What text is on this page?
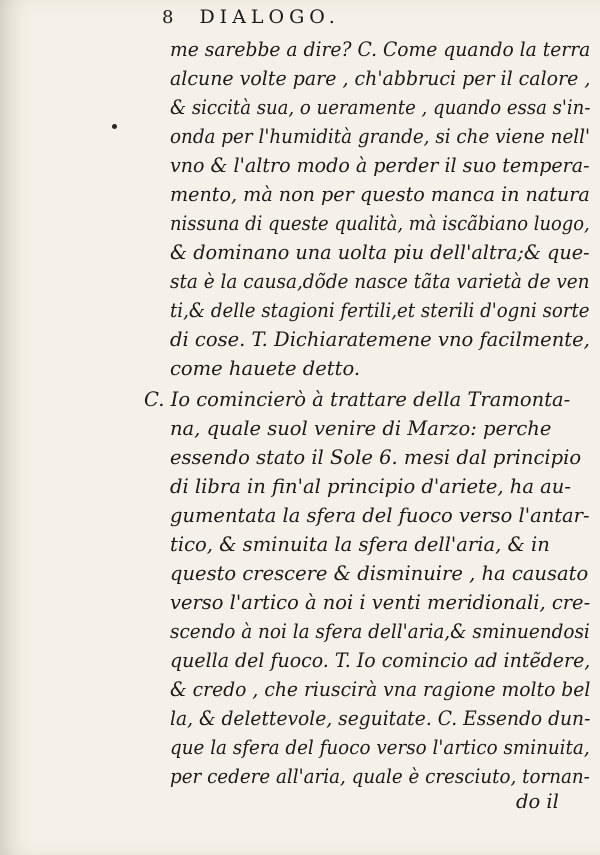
8 DIALOGO.
me sarebbe a dire? C. Come quando la terra
alcune volte pare , ch'abbruci per il calore ,
& siccità sua, o ueramente , quando essa s'in-
onda per l'humidità grande, si che viene nell'
vno & l'altro modo à perder il suo tempera-
mento, mà non per questo manca in natura
nissuna di queste qualità, mà iscãbiano luogo,
& dominano una uolta piu dell'altra;& que-
sta è la causa,dõde nasce tãta varietà de ven
ti,& delle stagioni fertili,et sterili d'ogni sorte
di cose. T. Dichiaratemene vno facilmente,
come hauete detto.
C. Io comincierò à trattare della Tramonta-
na, quale suol venire di Marzo: perche
essendo stato il Sole 6. mesi dal principio
di libra in fin'al principio d'ariete, ha au-
gumentata la sfera del fuoco verso l'antar-
tico, & sminuita la sfera dell'aria, & in
questo crescere & disminuire , ha causato
verso l'artico à noi i venti meridionali, cre-
scendo à noi la sfera dell'aria,& sminuendosi
quella del fuoco. T. Io comincio ad intẽdere,
& credo , che riuscirà vna ragione molto bel
la, & delettevole, seguitate. C. Essendo dun-
que la sfera del fuoco verso l'artico sminuita,
per cedere all'aria, quale è cresciuto, tornan-
do il
